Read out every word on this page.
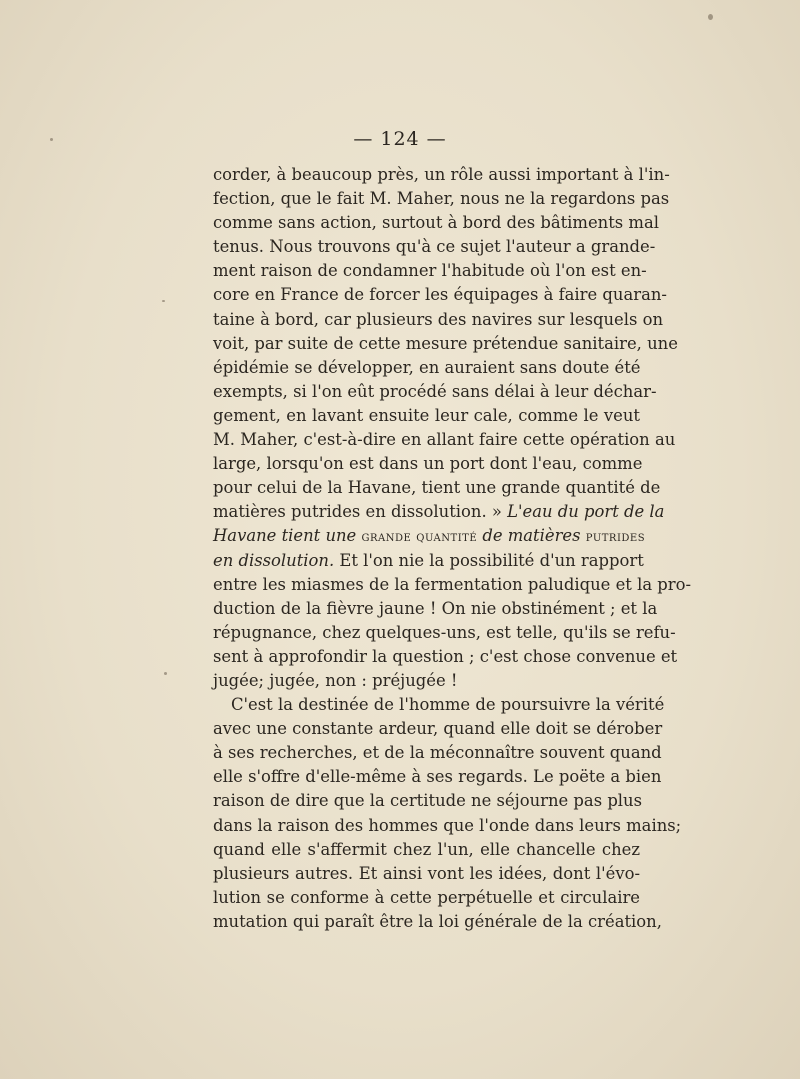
— 124 —
corder, à beaucoup près, un rôle aussi important à l'in-
fection, que le fait M. Maher, nous ne la regardons pas
comme sans action, surtout à bord des bâtiments mal
tenus. Nous trouvons qu'à ce sujet l'auteur a grande-
ment raison de condamner l'habitude où l'on est en-
core en France de forcer les équipages à faire quaran-
taine à bord, car plusieurs des navires sur lesquels on
voit, par suite de cette mesure prétendue sanitaire, une
épidémie se développer, en auraient sans doute été
exempts, si l'on eût procédé sans délai à leur déchar-
gement, en lavant ensuite leur cale, comme le veut
M. Maher, c'est-à-dire en allant faire cette opération au
large, lorsqu'on est dans un port dont l'eau, comme
pour celui de la Havane, tient une grande quantité de
matières putrides en dissolution. » L'eau du port de la
Havane tient une grande quantité de matières putrides
en dissolution. Et l'on nie la possibilité d'un rapport
entre les miasmes de la fermentation paludique et la pro-
duction de la fièvre jaune ! On nie obstinément ; et la
répugnance, chez quelques-uns, est telle, qu'ils se refu-
sent à approfondir la question ; c'est chose convenue et
jugée; jugée, non : préjugée !
C'est la destinée de l'homme de poursuivre la vérité
avec une constante ardeur, quand elle doit se dérober
à ses recherches, et de la méconnaître souvent quand
elle s'offre d'elle-même à ses regards. Le poëte a bien
raison de dire que la certitude ne séjourne pas plus
dans la raison des hommes que l'onde dans leurs mains;
quand elle s'affermit chez l'un, elle chancelle chez
plusieurs autres. Et ainsi vont les idées, dont l'évo-
lution se conforme à cette perpétuelle et circulaire
mutation qui paraît être la loi générale de la création,
